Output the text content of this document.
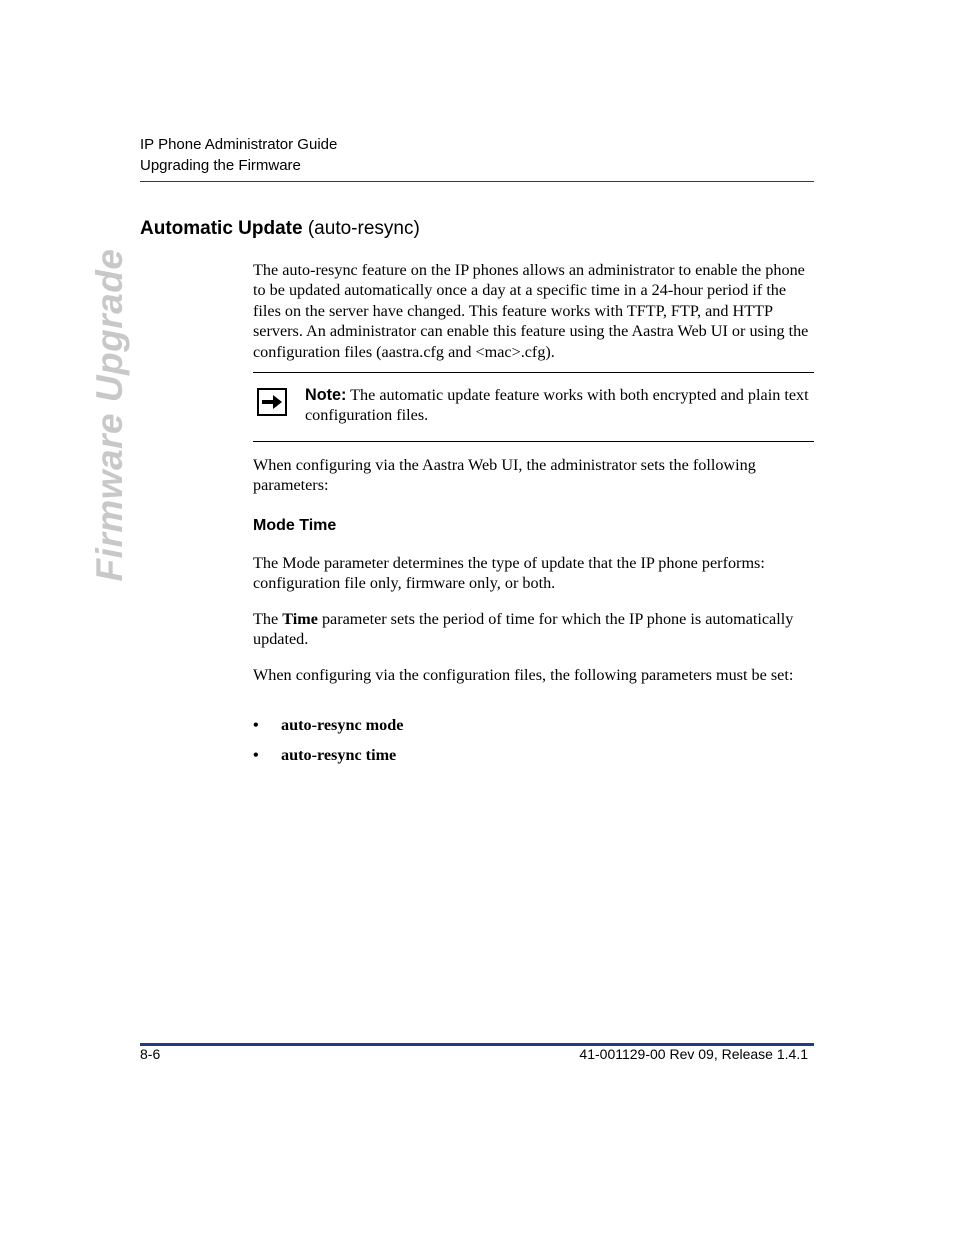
IP Phone Administrator Guide
Upgrading the Firmware
Firmware Upgrade
Automatic Update (auto-resync)
The auto-resync feature on the IP phones allows an administrator to enable the phone to be updated automatically once a day at a specific time in a 24-hour period if the files on the server have changed. This feature works with TFTP, FTP, and HTTP servers. An administrator can enable this feature using the Aastra Web UI or using the configuration files (aastra.cfg and <mac>.cfg).
Note: The automatic update feature works with both encrypted and plain text configuration files.
When configuring via the Aastra Web UI, the administrator sets the following parameters:
Mode Time
The Mode parameter determines the type of update that the IP phone performs: configuration file only, firmware only, or both.
The Time parameter sets the period of time for which the IP phone is automatically updated.
When configuring via the configuration files, the following parameters must be set:
• auto-resync mode
• auto-resync time
8-6	41-001129-00 Rev 09, Release 1.4.1
